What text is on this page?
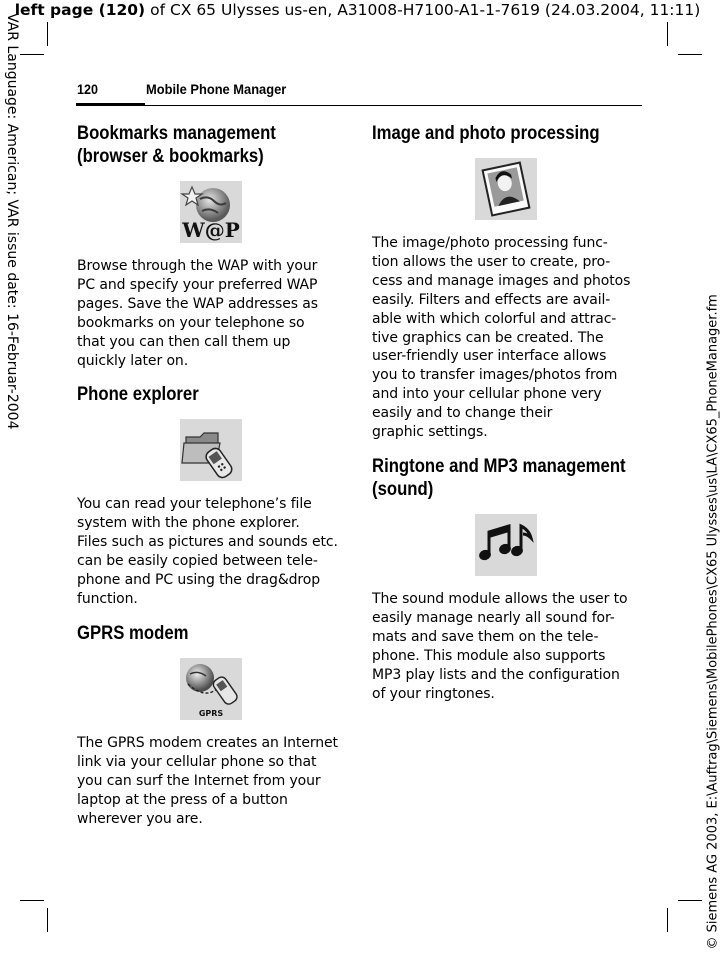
left page (120) of CX 65 Ulysses us-en, A31008-H7100-A1-1-7619 (24.03.2004, 11:11)
VAR Language: American; VAR issue date: 16-Februar-2004
© Siemens AG 2003, E:\Auftrag\Siemens\MobilePhones\CX65 Ulysses\us\LA\CX65_PhoneManager.fm
120	Mobile Phone Manager
Bookmarks management
(browser & bookmarks)
W@P

Browse through the WAP with your
PC and specify your preferred WAP
pages. Save the WAP addresses as
bookmarks on your telephone so
that you can then call them up
quickly later on.

Phone explorer

You can read your telephone’s file
system with the phone explorer.
Files such as pictures and sounds etc.
can be easily copied between tele-
phone and PC using the drag&drop
function.

GPRS modem
GPRS

The GPRS modem creates an Internet
link via your cellular phone so that
you can surf the Internet from your
laptop at the press of a button
wherever you are.

Image and photo processing

The image/photo processing func-
tion allows the user to create, pro-
cess and manage images and photos
easily. Filters and effects are avail-
able with which colorful and attrac-
tive graphics can be created. The
user-friendly user interface allows
you to transfer images/photos from
and into your cellular phone very
easily and to change their
graphic settings.

Ringtone and MP3 management
(sound)

The sound module allows the user to
easily manage nearly all sound for-
mats and save them on the tele-
phone. This module also supports
MP3 play lists and the configuration
of your ringtones.
